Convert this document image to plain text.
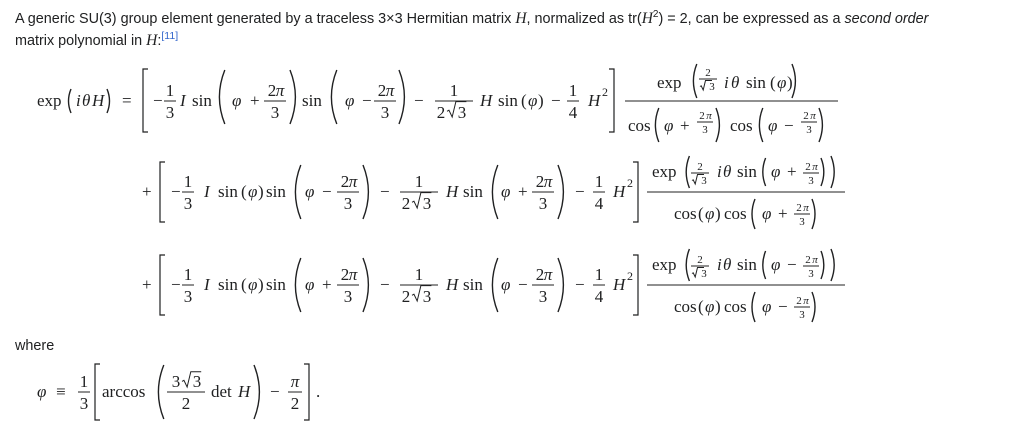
A generic SU(3) group element generated by a traceless 3×3 Hermitian matrix H, normalized as $tr(H^2) = 2$, can be expressed as a second order
matrix polynomial in H:[11]

exp i θ H = −
1
3
I sin φ +
2 π
3
sin φ −
2 π
3
−
1
2 3
H sin ( φ ) −
1
4
H 2	exp 2
3 i θ sin ( φ )
cos φ + 2 π
3 cos φ − 2 π
3
+ −
1
3
I sin ( φ ) sin φ −
2 π
3
−
1
2 3
H sin φ +
2 π
3
−
1
4
H 2
exp 2
3 i θ sin φ + 2 π
3
cos ( φ ) cos φ + 2 π
3
+ −
1
3
I sin ( φ ) sin φ +
2 π
3
−
1
2 3
H sin φ −
2 π
3
−
1
4
H 2
exp 2
3 i θ sin φ − 2 π
3
cos ( φ ) cos φ − 2 π
3

where

φ ≡
1
3
arccos
3 3
2
det H −
π
2
.
